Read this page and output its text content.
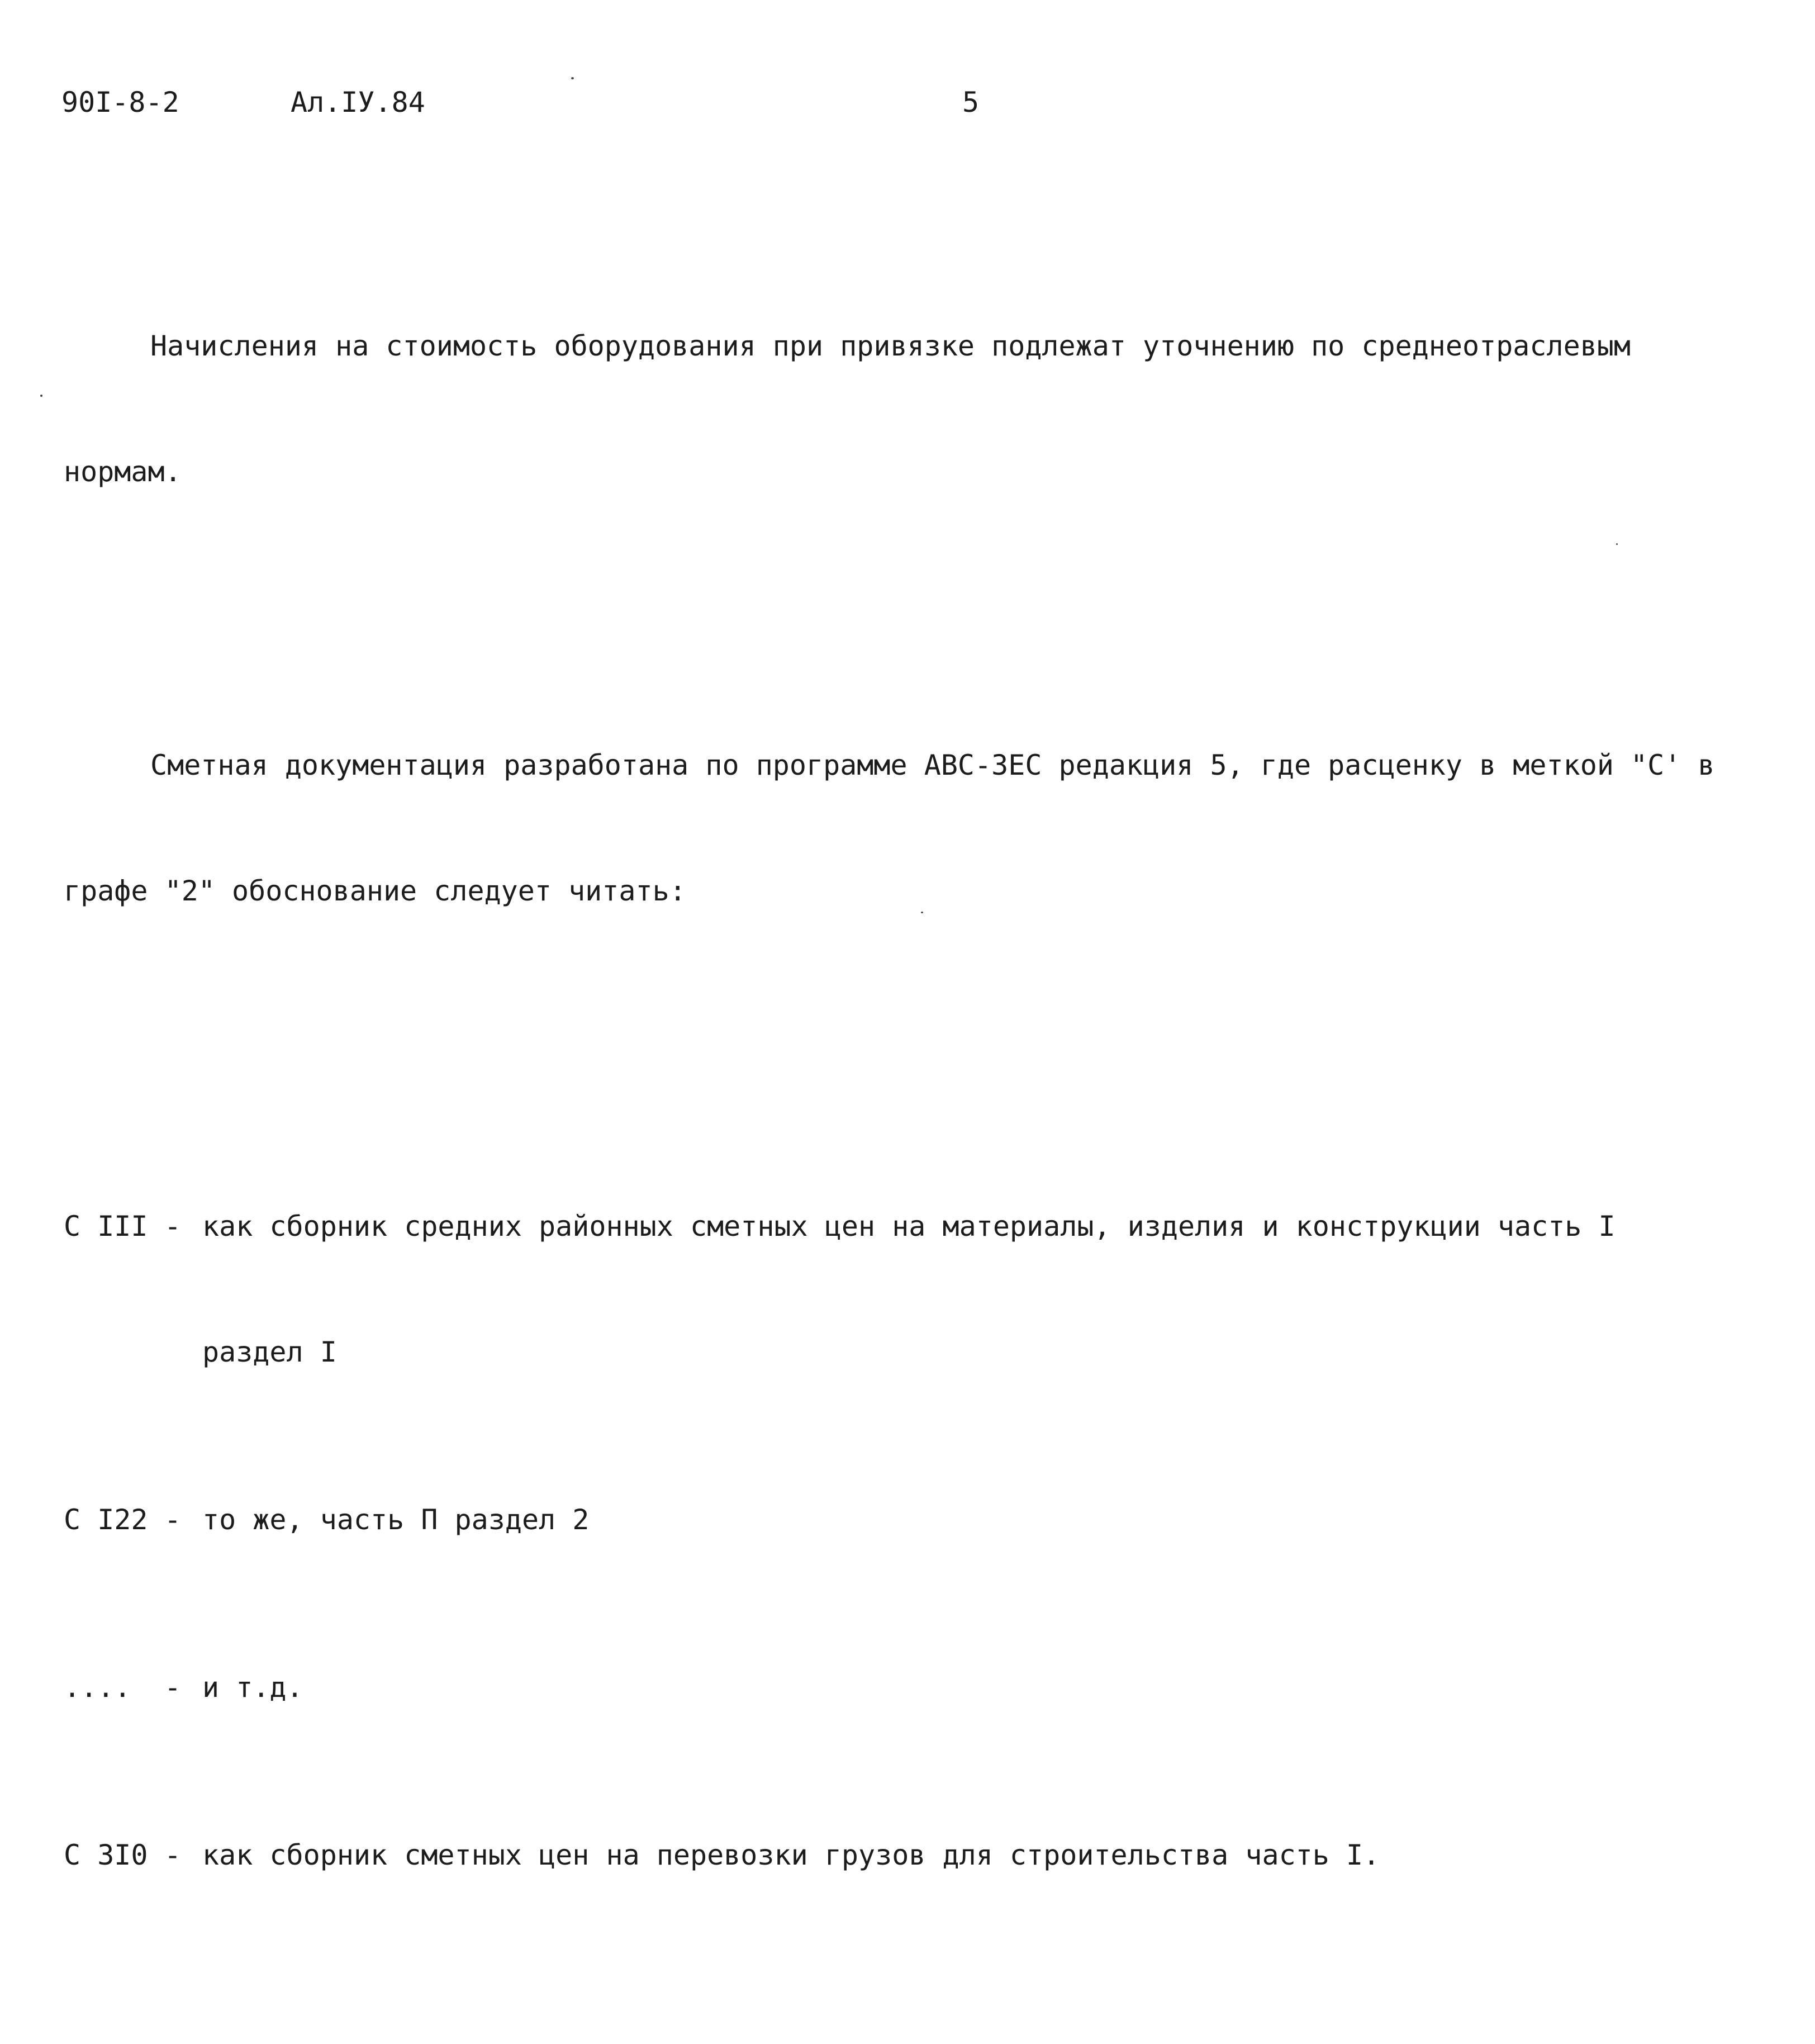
90I-8-2	Ал.IУ.84	5

Начисления на стоимость оборудования при привязке подлежат уточнению по среднеотраслевым

нормам.

Сметная документация разработана по программе АВС-ЗЕС редакция 5, где расценку в меткой "С' в

графе "2" обоснование следует читать:

С III

-

как сборник средних районных сметных цен на материалы, изделия и конструкции часть I

раздел I

С I22

-

то же, часть П раздел 2

....

-

и т.д.

С 3I0

-

как сборник сметных цен на перевозки грузов для строительства часть I.
